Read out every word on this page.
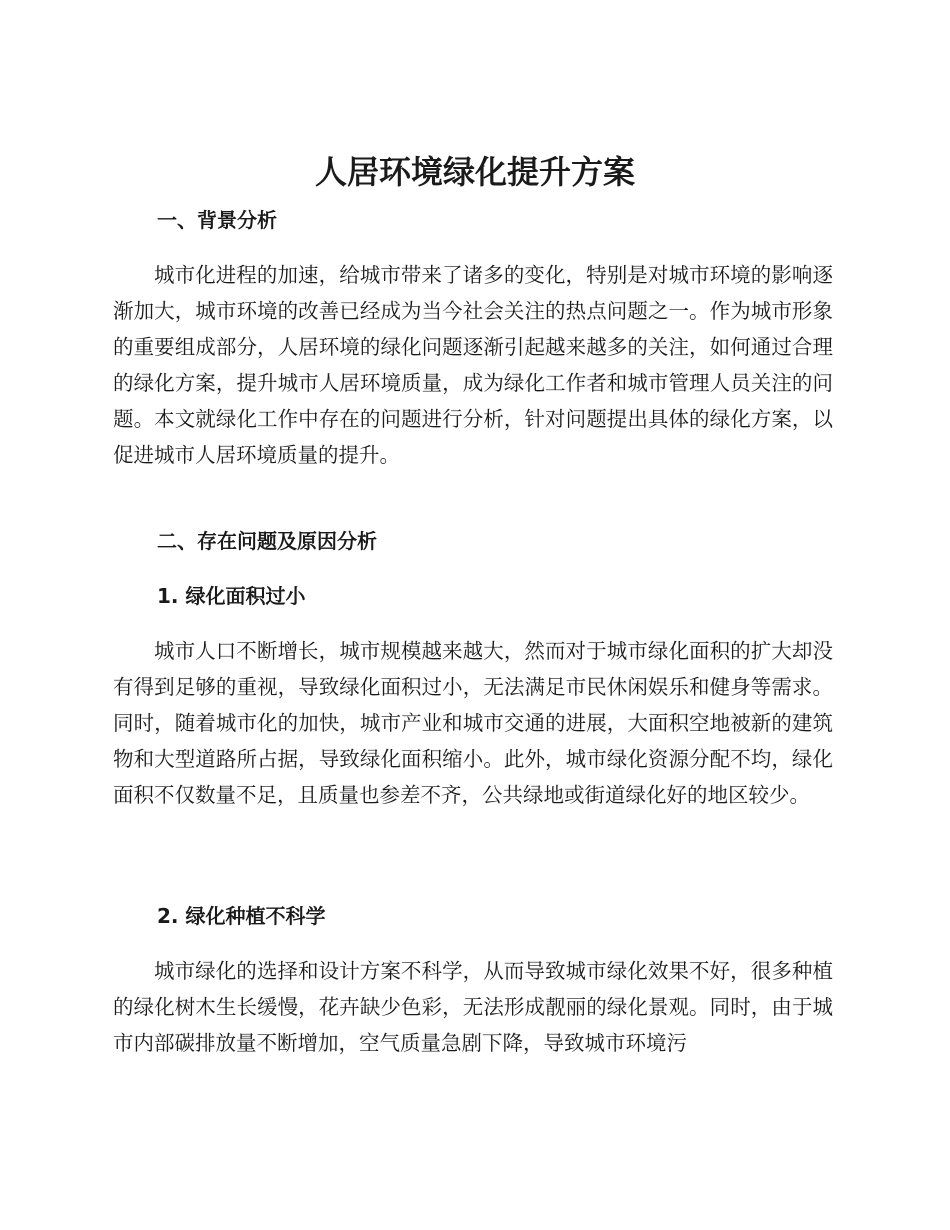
人居环境绿化提升方案
一、背景分析

城市化进程的加速，给城市带来了诸多的变化，特别是对城市环境的影响逐渐加大，城市环境的改善已经成为当今社会关注的热点问题之一。作为城市形象的重要组成部分，人居环境的绿化问题逐渐引起越来越多的关注，如何通过合理的绿化方案，提升城市人居环境质量，成为绿化工作者和城市管理人员关注的问题。本文就绿化工作中存在的问题进行分析，针对问题提出具体的绿化方案，以促进城市人居环境质量的提升。

二、存在问题及原因分析
1. 绿化面积过小

城市人口不断增长，城市规模越来越大，然而对于城市绿化面积的扩大却没有得到足够的重视，导致绿化面积过小，无法满足市民休闲娱乐和健身等需求。同时，随着城市化的加快，城市产业和城市交通的进展，大面积空地被新的建筑物和大型道路所占据，导致绿化面积缩小。此外，城市绿化资源分配不均，绿化面积不仅数量不足，且质量也参差不齐，公共绿地或街道绿化好的地区较少。

2. 绿化种植不科学

城市绿化的选择和设计方案不科学，从而导致城市绿化效果不好，很多种植的绿化树木生长缓慢，花卉缺少色彩，无法形成靓丽的绿化景观。同时，由于城市内部碳排放量不断增加，空气质量急剧下降，导致城市环境污
